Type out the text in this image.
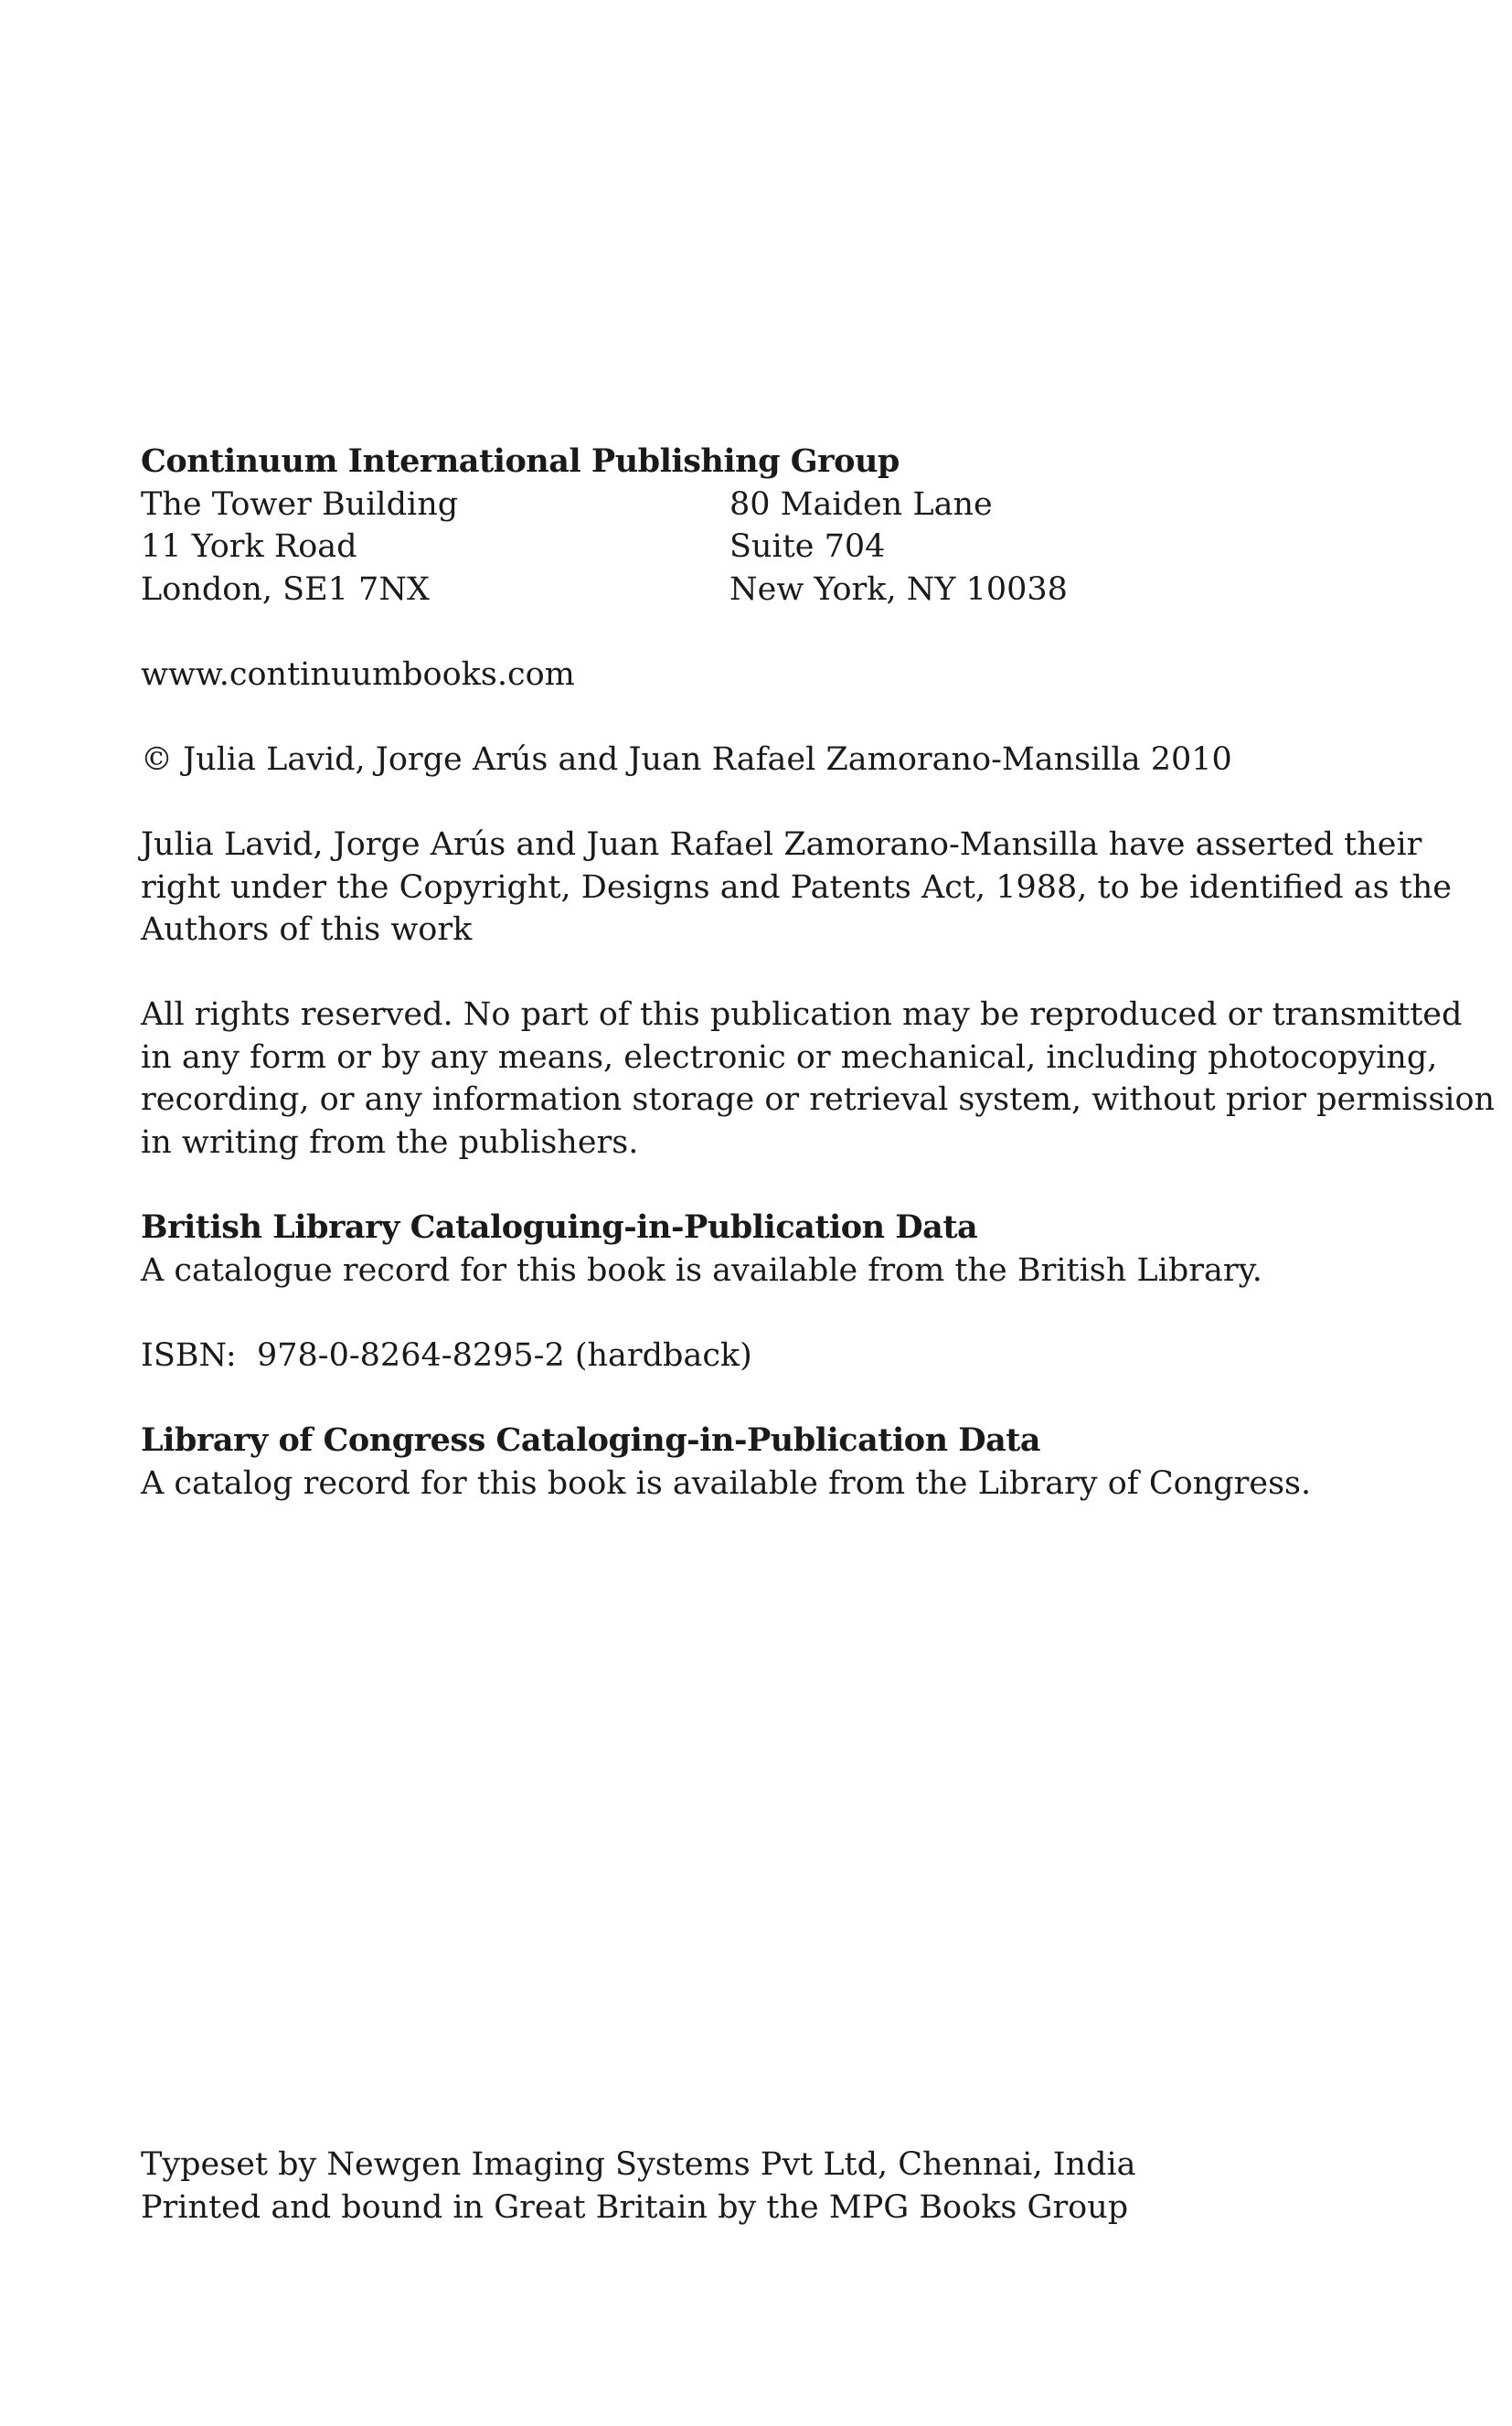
Continuum International Publishing Group
The Tower Building	80 Maiden Lane
11 York Road	Suite 704
London, SE1 7NX	New York, NY 10038
www.continuumbooks.com
© Julia Lavid, Jorge Arús and Juan Rafael Zamorano-Mansilla 2010
Julia Lavid, Jorge Arús and Juan Rafael Zamorano-Mansilla have asserted their
right under the Copyright, Designs and Patents Act, 1988, to be identified as the
Authors of this work
All rights reserved. No part of this publication may be reproduced or transmitted
in any form or by any means, electronic or mechanical, including photocopying,
recording, or any information storage or retrieval system, without prior permission
in writing from the publishers.
British Library Cataloguing-in-Publication Data
A catalogue record for this book is available from the British Library.
ISBN:  978-0-8264-8295-2 (hardback)
Library of Congress Cataloging-in-Publication Data
A catalog record for this book is available from the Library of Congress.
Typeset by Newgen Imaging Systems Pvt Ltd, Chennai, India
Printed and bound in Great Britain by the MPG Books Group
